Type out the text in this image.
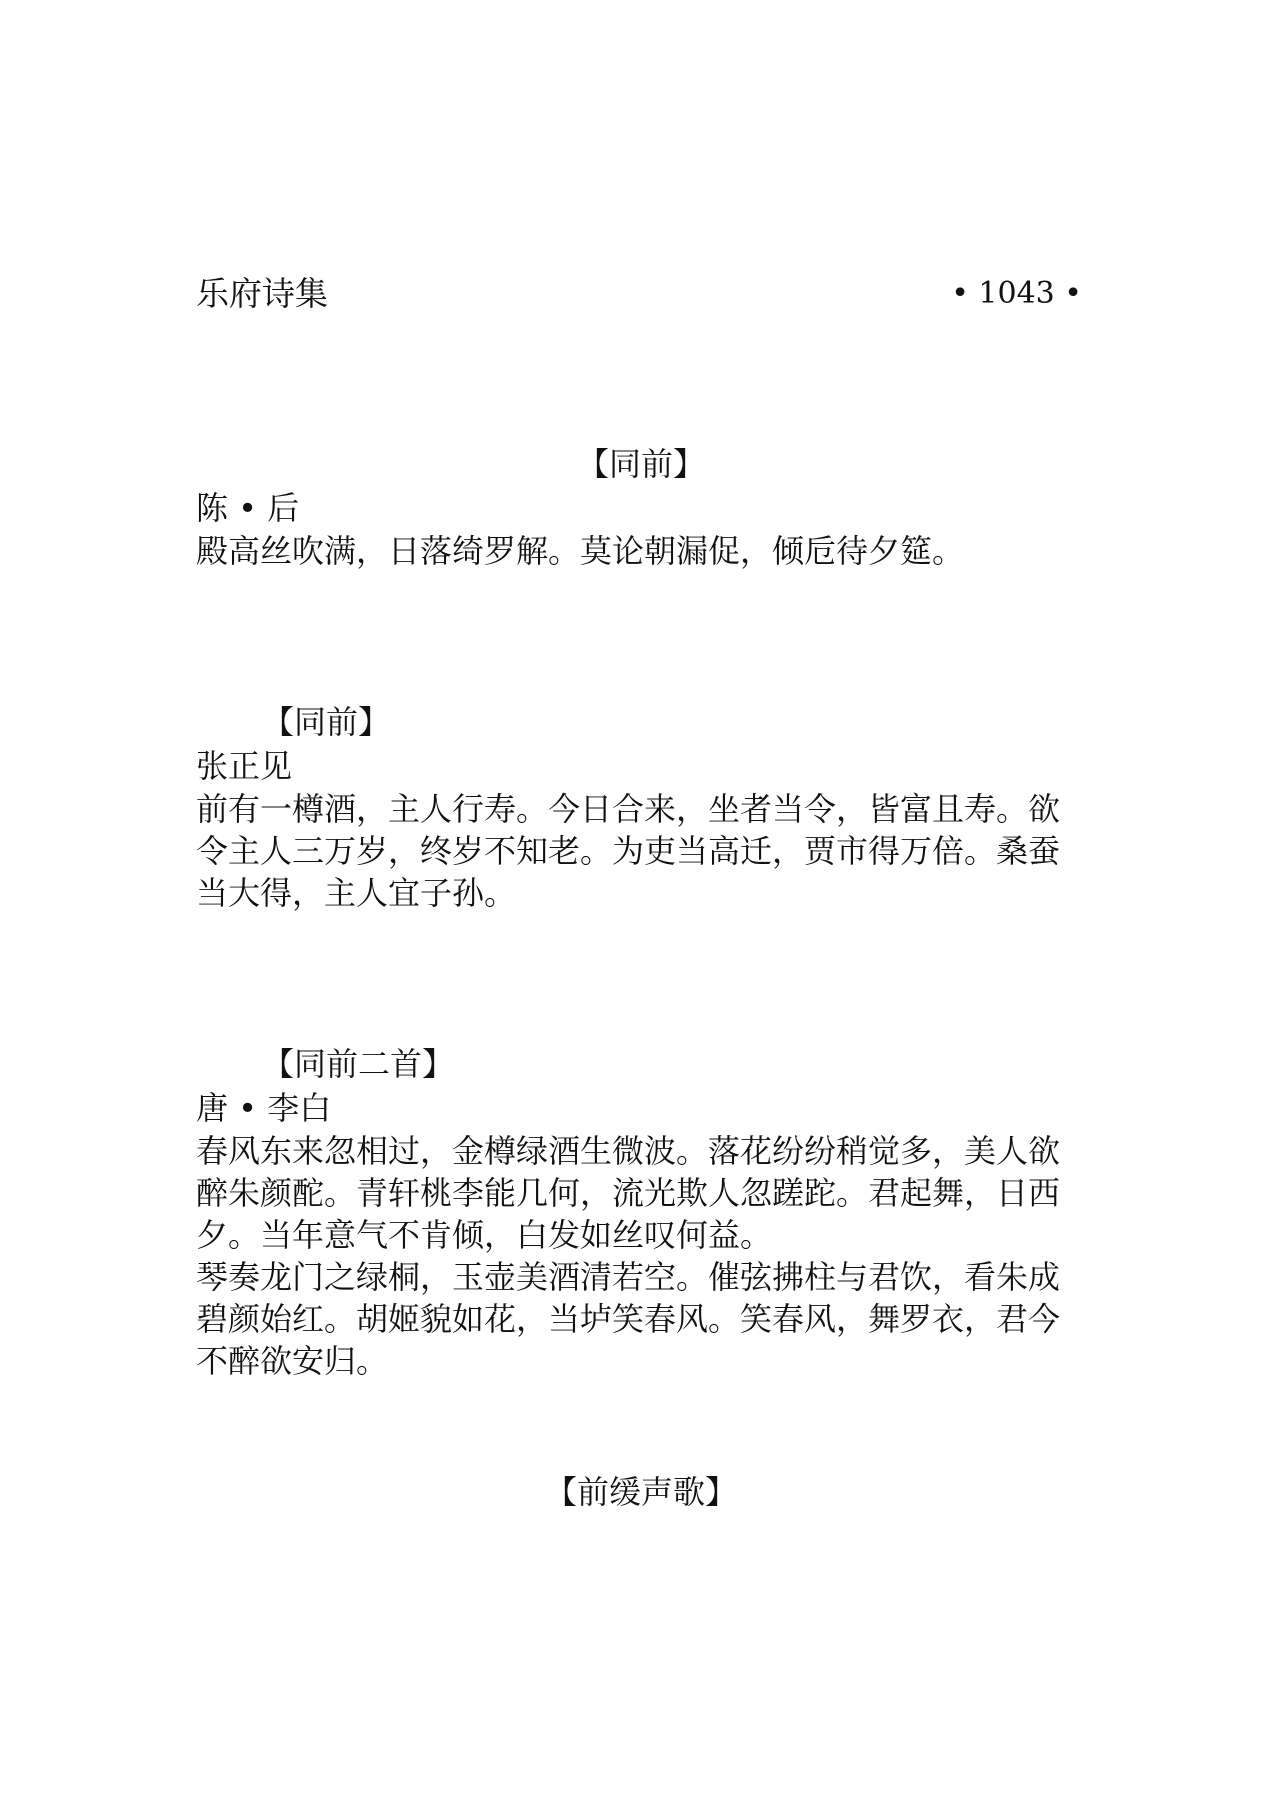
乐府诗集	• 1043 •
【同前】
陈 • 后

殿高丝吹满，日落绮罗解。莫论朝漏促，倾卮待夕筵。

【同前】
张正见

前有一樽酒，主人行寿。今日合来，坐者当令，皆富且寿。欲令主人三万岁，终岁不知老。为吏当高迁，贾市得万倍。桑蚕当大得，主人宜子孙。

【同前二首】
唐 • 李白

春风东来忽相过，金樽绿酒生微波。落花纷纷稍觉多，美人欲醉朱颜酡。青轩桃李能几何，流光欺人忽蹉跎。君起舞，日西夕。当年意气不肯倾，白发如丝叹何益。

琴奏龙门之绿桐，玉壶美酒清若空。催弦拂柱与君饮，看朱成碧颜始红。胡姬貌如花，当垆笑春风。笑春风，舞罗衣，君今不醉欲安归。

【前缓声歌】
